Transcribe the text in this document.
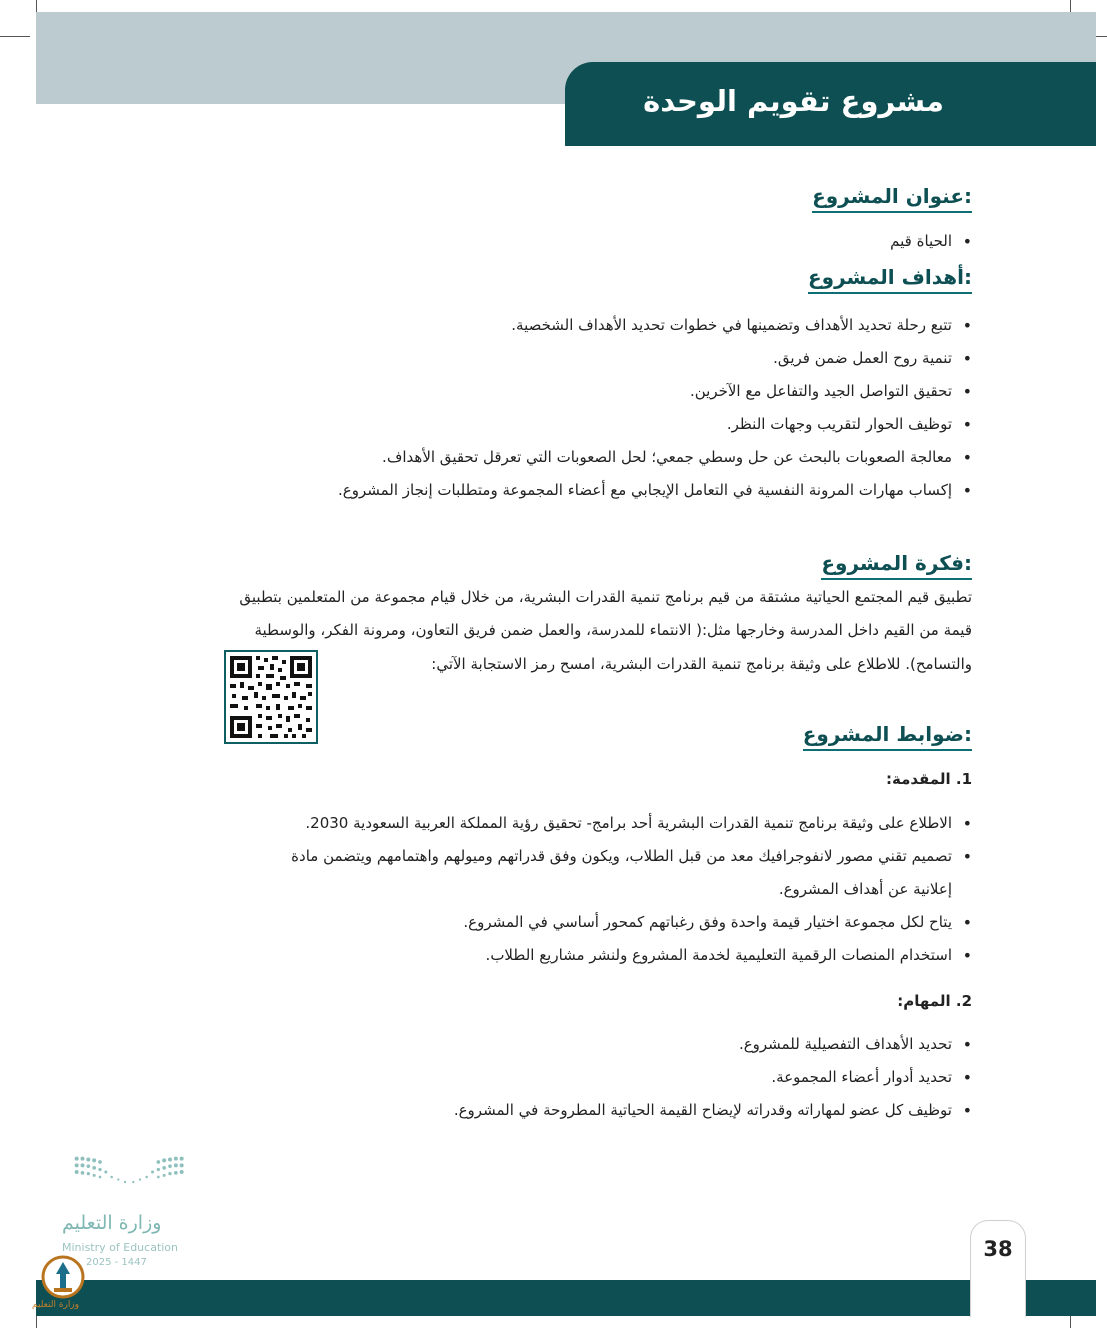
مشروع تقويم الوحدة
عنوان المشروع:
• الحياة قيم
أهداف المشروع:
• تتبع رحلة تحديد الأهداف وتضمينها في خطوات تحديد الأهداف الشخصية.
• تنمية روح العمل ضمن فريق.
• تحقيق التواصل الجيد والتفاعل مع الآخرين.
• توظيف الحوار لتقريب وجهات النظر.
• معالجة الصعوبات بالبحث عن حل وسطي جمعي؛ لحل الصعوبات التي تعرقل تحقيق الأهداف.
• إكساب مهارات المرونة النفسية في التعامل الإيجابي مع أعضاء المجموعة ومتطلبات إنجاز المشروع.
فكرة المشروع:
تطبيق قيم المجتمع الحياتية مشتقة من قيم برنامج تنمية القدرات البشرية، من خلال قيام مجموعة من المتعلمين بتطبيق
قيمة من القيم داخل المدرسة وخارجها مثل:( الانتماء للمدرسة، والعمل ضمن فريق التعاون، ومرونة الفكر، والوسطية
والتسامح). للاطلاع على وثيقة برنامج تنمية القدرات البشرية، امسح رمز الاستجابة الآتي:
ضوابط المشروع:
1. المقدمة:
• الاطلاع على وثيقة برنامج تنمية القدرات البشرية أحد برامج- تحقيق رؤية المملكة العربية السعودية 2030.
• تصميم تقني مصور لانفوجرافيك معد من قبل الطلاب، ويكون وفق قدراتهم وميولهم واهتمامهم ويتضمن مادة
إعلانية عن أهداف المشروع.
• يتاح لكل مجموعة اختيار قيمة واحدة وفق رغباتهم كمحور أساسي في المشروع.
• استخدام المنصات الرقمية التعليمية لخدمة المشروع ولنشر مشاريع الطلاب.
2. المهام:
• تحديد الأهداف التفصيلية للمشروع.
• تحديد أدوار أعضاء المجموعة.
• توظيف كل عضو لمهاراته وقدراته لإيضاح القيمة الحياتية المطروحة في المشروع.
وزارة التعليم
Ministry of Education
2025 - 1447
وزارة التعليم
38
